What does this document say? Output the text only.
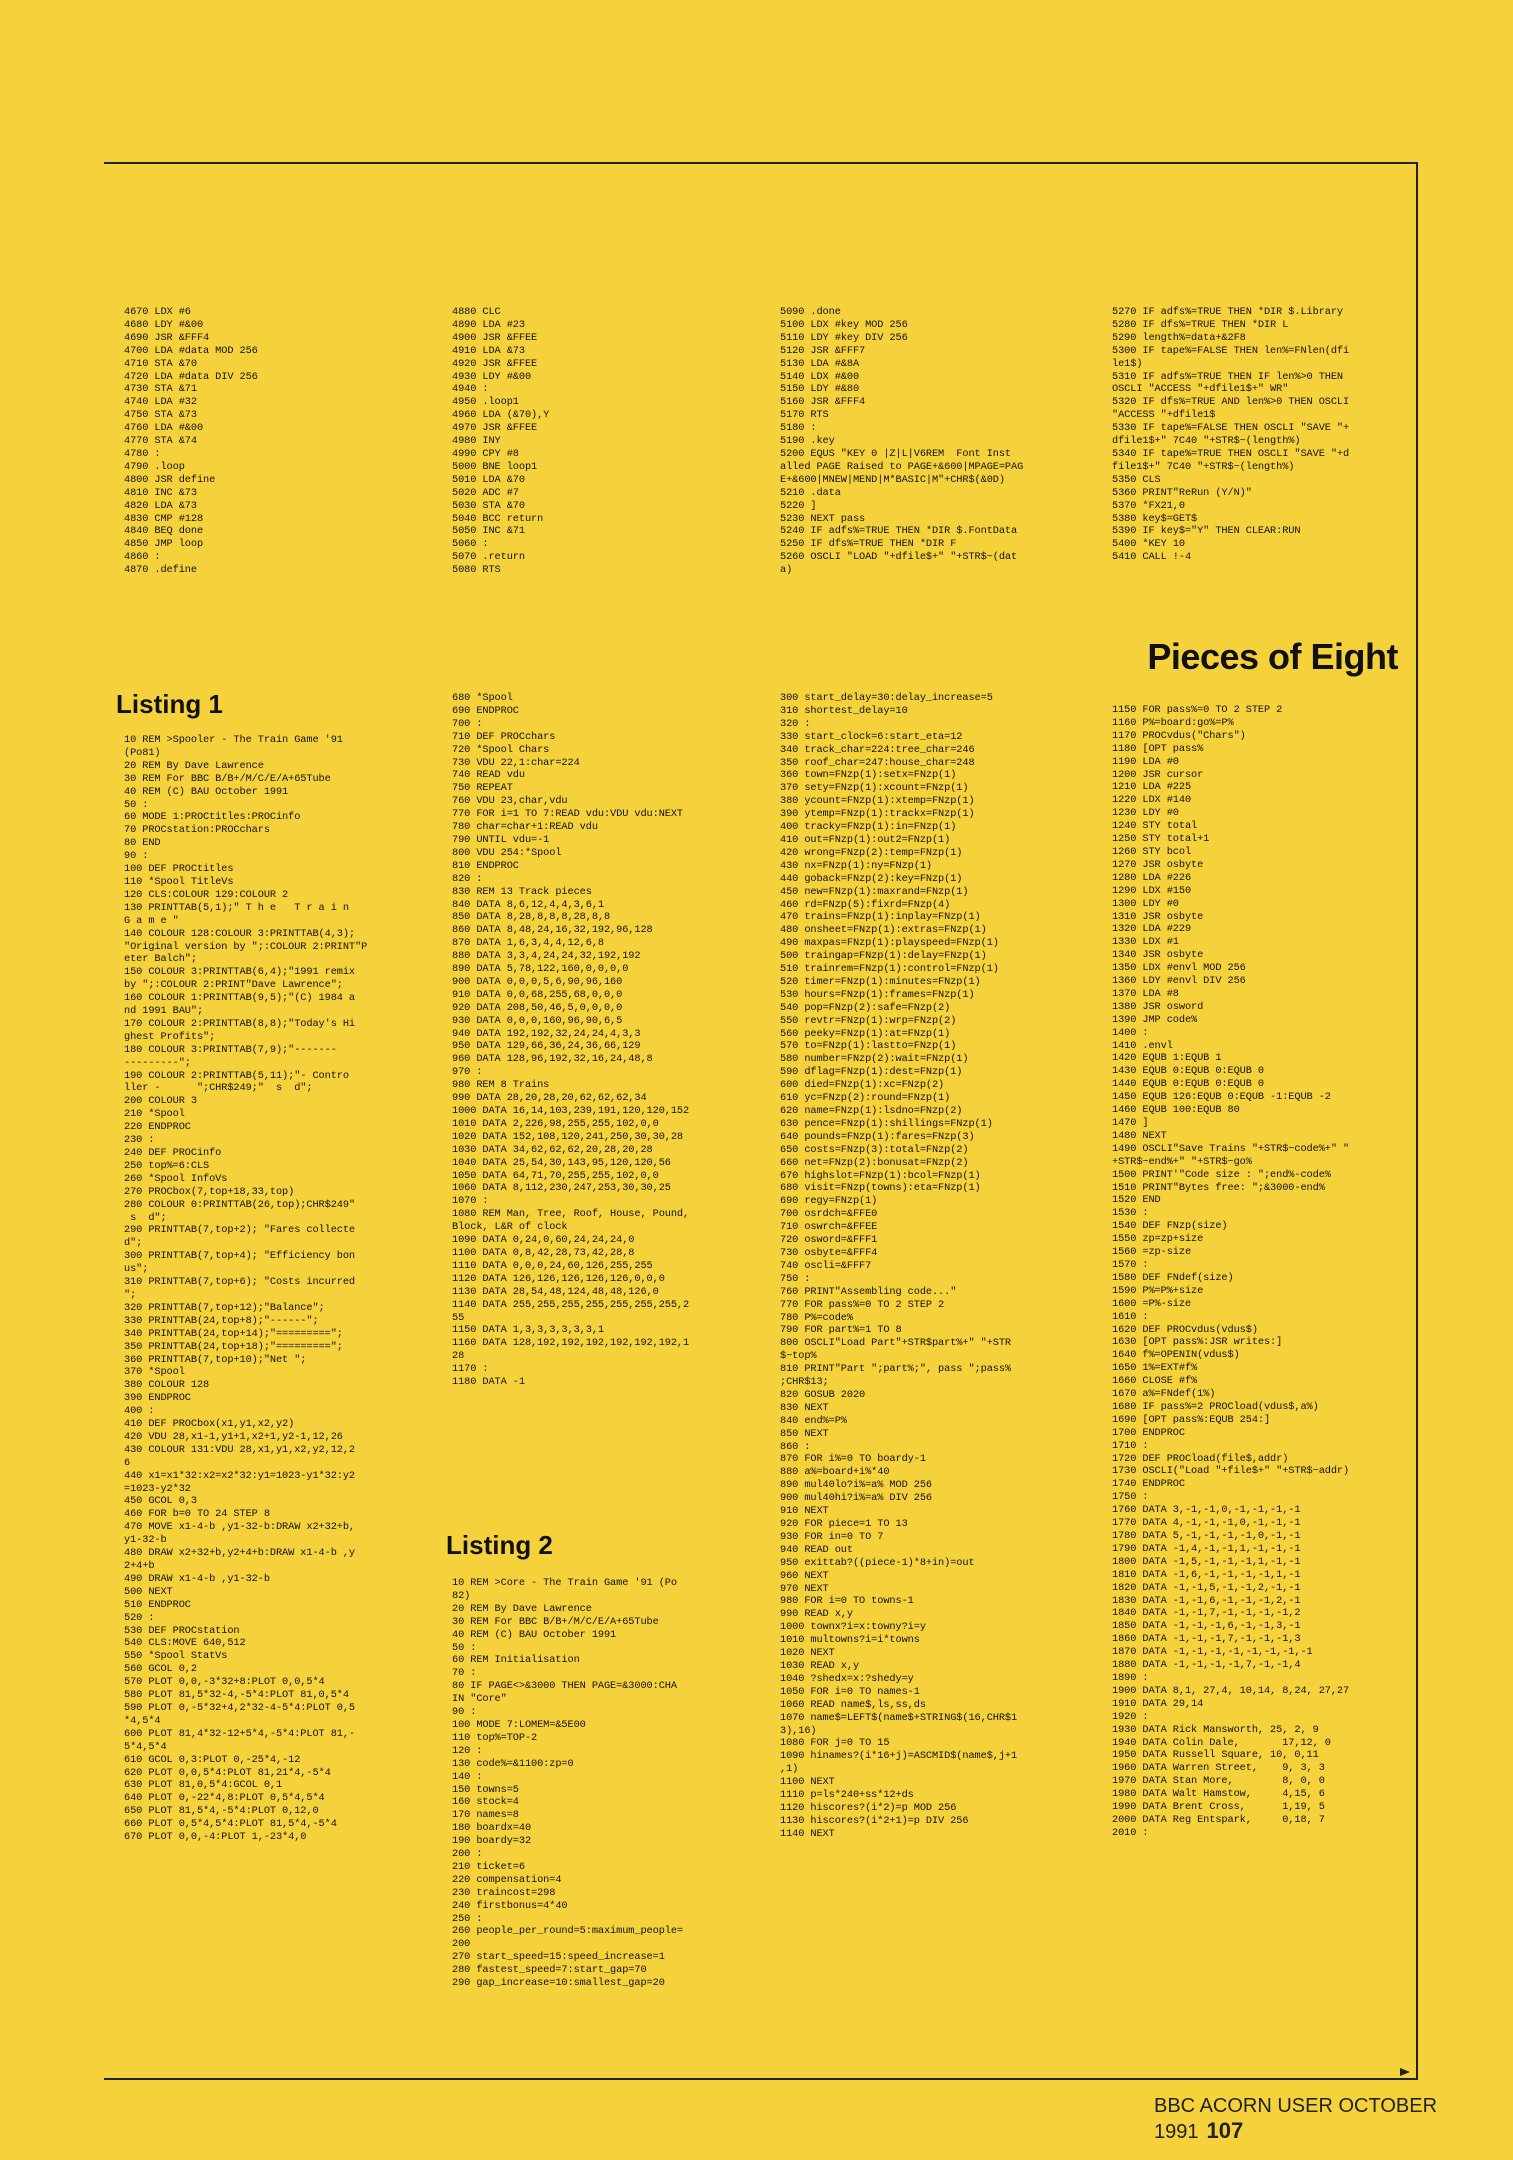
4670 LDX #6
4680 LDY #&00
4690 JSR &FFF4
4700 LDA #data MOD 256
4710 STA &70
4720 LDA #data DIV 256
4730 STA &71
4740 LDA #32
4750 STA &73
4760 LDA #&00
4770 STA &74
4780 :
4790 .loop
4800 JSR define
4810 INC &73
4820 LDA &73
4830 CMP #128
4840 BEQ done
4850 JMP loop
4860 :
4870 .define
4880 CLC
4890 LDA #23
4900 JSR &FFEE
4910 LDA &73
4920 JSR &FFEE
4930 LDY #&00
4940 :
4950 .loop1
4960 LDA (&70),Y
4970 JSR &FFEE
4980 INY
4990 CPY #8
5000 BNE loop1
5010 LDA &70
5020 ADC #7
5030 STA &70
5040 BCC return
5050 INC &71
5060 :
5070 .return
5080 RTS
5090 .done
5100 LDX #key MOD 256
5110 LDY #key DIV 256
5120 JSR &FFF7
5130 LDA #&8A
5140 LDX #&00
5150 LDY #&80
5160 JSR &FFF4
5170 RTS
5180 :
5190 .key
5200 EQUS "KEY 0 |Z|L|V6REM  Font Inst
alled PAGE Raised to PAGE+&600|MPAGE=PAG
E+&600|MNEW|MEND|M*BASIC|M"+CHR$(&0D)
5210 .data
5220 ]
5230 NEXT pass
5240 IF adfs%=TRUE THEN *DIR $.FontData
5250 IF dfs%=TRUE THEN *DIR F
5260 OSCLI "LOAD "+dfile$+" "+STR$~(dat
a)
5270 IF adfs%=TRUE THEN *DIR $.Library
5280 IF dfs%=TRUE THEN *DIR L
5290 length%=data+&2F8
5300 IF tape%=FALSE THEN len%=FNlen(dfi
le1$)
5310 IF adfs%=TRUE THEN IF len%>0 THEN
OSCLI "ACCESS "+dfile1$+" WR"
5320 IF dfs%=TRUE AND len%>0 THEN OSCLI
"ACCESS "+dfile1$
5330 IF tape%=FALSE THEN OSCLI "SAVE "+
dfile1$+" 7C40 "+STR$~(length%)
5340 IF tape%=TRUE THEN OSCLI "SAVE "+d
file1$+" 7C40 "+STR$~(length%)
5350 CLS
5360 PRINT"ReRun (Y/N)"
5370 *FX21,0
5380 key$=GET$
5390 IF key$="Y" THEN CLEAR:RUN
5400 *KEY 10
5410 CALL !-4
Pieces of Eight
Listing 1
10 REM >Spooler - The Train Game '91
(Po81)
20 REM By Dave Lawrence
30 REM For BBC B/B+/M/C/E/A+65Tube
40 REM (C) BAU October 1991
50 :
60 MODE 1:PROCtitles:PROCinfo
70 PROCstation:PROCchars
80 END
90 :
100 DEF PROCtitles
110 *Spool TitleVs
120 CLS:COLOUR 129:COLOUR 2
130 PRINTTAB(5,1);" T h e   T r a i n
G a m e "
140 COLOUR 128:COLOUR 3:PRINTTAB(4,3);
"Original version by ";:COLOUR 2:PRINT"P
eter Balch";
150 COLOUR 3:PRINTTAB(6,4);"1991 remix
by ";:COLOUR 2:PRINT"Dave Lawrence";
160 COLOUR 1:PRINTTAB(9,5);"(C) 1984 a
nd 1991 BAU";
170 COLOUR 2:PRINTTAB(8,8);"Today's Hi
ghest Profits";
180 COLOUR 3:PRINTTAB(7,9);"-------
---------";
190 COLOUR 2:PRINTTAB(5,11);"- Contro
ller -      ";CHR$249;"  s  d";
200 COLOUR 3
210 *Spool
220 ENDPROC
230 :
240 DEF PROCinfo
250 top%=6:CLS
260 *Spool InfoVs
270 PROCbox(7,top+18,33,top)
280 COLOUR 0:PRINTTAB(26,top);CHR$249"
s  d";
290 PRINTTAB(7,top+2); "Fares collecte
d";
300 PRINTTAB(7,top+4); "Efficiency bon
us";
310 PRINTTAB(7,top+6); "Costs incurred
";
320 PRINTTAB(7,top+12);"Balance";
330 PRINTTAB(24,top+8);"------";
340 PRINTTAB(24,top+14);"=========";
350 PRINTTAB(24,top+18);"=========";
360 PRINTTAB(7,top+10);"Net ";
370 *Spool
380 COLOUR 128
390 ENDPROC
400 :
410 DEF PROCbox(x1,y1,x2,y2)
420 VDU 28,x1-1,y1+1,x2+1,y2-1,12,26
430 COLOUR 131:VDU 28,x1,y1,x2,y2,12,2
6
440 x1=x1*32:x2=x2*32:y1=1023-y1*32:y2
=1023-y2*32
450 GCOL 0,3
460 FOR b=0 TO 24 STEP 8
470 MOVE x1-4-b ,y1-32-b:DRAW x2+32+b,
y1-32-b
480 DRAW x2+32+b,y2+4+b:DRAW x1-4-b ,y
2+4+b
490 DRAW x1-4-b ,y1-32-b
500 NEXT
510 ENDPROC
520 :
530 DEF PROCstation
540 CLS:MOVE 640,512
550 *Spool StatVs
560 GCOL 0,2
570 PLOT 0,0,-3*32+8:PLOT 0,0,5*4
580 PLOT 81,5*32-4,-5*4:PLOT 81,0,5*4
590 PLOT 0,-5*32+4,2*32-4-5*4:PLOT 0,5
*4,5*4
600 PLOT 81,4*32-12+5*4,-5*4:PLOT 81,-
5*4,5*4
610 GCOL 0,3:PLOT 0,-25*4,-12
620 PLOT 0,0,5*4:PLOT 81,21*4,-5*4
630 PLOT 81,0,5*4:GCOL 0,1
640 PLOT 0,-22*4,8:PLOT 0,5*4,5*4
650 PLOT 81,5*4,-5*4:PLOT 0,12,0
660 PLOT 0,5*4,5*4:PLOT 81,5*4,-5*4
670 PLOT 0,0,-4:PLOT 1,-23*4,0
680 *Spool
690 ENDPROC
700 :
710 DEF PROCchars
720 *Spool Chars
730 VDU 22,1:char=224
740 READ vdu
750 REPEAT
760 VDU 23,char,vdu
770 FOR i=1 TO 7:READ vdu:VDU vdu:NEXT
780 char=char+1:READ vdu
790 UNTIL vdu=-1
800 VDU 254:*Spool
810 ENDPROC
820 :
830 REM 13 Track pieces
840 DATA 8,6,12,4,4,3,6,1
850 DATA 8,28,8,8,8,28,8,8
860 DATA 8,48,24,16,32,192,96,128
870 DATA 1,6,3,4,4,12,6,8
880 DATA 3,3,4,24,24,32,192,192
890 DATA 5,78,122,160,0,0,0,0
900 DATA 0,0,0,5,6,90,96,160
910 DATA 0,0,68,255,68,0,0,0
920 DATA 208,50,46,5,0,0,0,0
930 DATA 0,0,0,160,96,90,6,5
940 DATA 192,192,32,24,24,4,3,3
950 DATA 129,66,36,24,36,66,129
960 DATA 128,96,192,32,16,24,48,8
970 :
980 REM 8 Trains
990 DATA 28,20,28,20,62,62,62,34
1000 DATA 16,14,103,239,191,120,120,152
1010 DATA 2,226,98,255,255,102,0,0
1020 DATA 152,108,120,241,250,30,30,28
1030 DATA 34,62,62,62,20,28,20,28
1040 DATA 25,54,30,143,95,120,120,56
1050 DATA 64,71,70,255,255,102,0,0
1060 DATA 8,112,230,247,253,30,30,25
1070 :
1080 REM Man, Tree, Roof, House, Pound,
Block, L&R of clock
1090 DATA 0,24,0,60,24,24,24,0
1100 DATA 0,8,42,28,73,42,28,8
1110 DATA 0,0,0,24,60,126,255,255
1120 DATA 126,126,126,126,126,0,0,0
1130 DATA 28,54,48,124,48,48,126,0
1140 DATA 255,255,255,255,255,255,255,2
55
1150 DATA 1,3,3,3,3,3,3,1
1160 DATA 128,192,192,192,192,192,192,1
28
1170 :
1180 DATA -1
Listing 2
10 REM >Core - The Train Game '91 (Po
82)
20 REM By Dave Lawrence
30 REM For BBC B/B+/M/C/E/A+65Tube
40 REM (C) BAU October 1991
50 :
60 REM Initialisation
70 :
80 IF PAGE<>&3000 THEN PAGE=&3000:CHA
IN "Core"
90 :
100 MODE 7:LOMEM=&5E00
110 top%=TOP-2
120 :
130 code%=&1100:zp=0
140 :
150 towns=5
160 stock=4
170 names=8
180 boardx=40
190 boardy=32
200 :
210 ticket=6
220 compensation=4
230 traincost=298
240 firstbonus=4*40
250 :
260 people_per_round=5:maximum_people=
200
270 start_speed=15:speed_increase=1
280 fastest_speed=7:start_gap=70
290 gap_increase=10:smallest_gap=20
300 start_delay=30:delay_increase=5
310 shortest_delay=10
320 :
330 start_clock=6:start_eta=12
340 track_char=224:tree_char=246
350 roof_char=247:house_char=248
360 town=FNzp(1):setx=FNzp(1)
370 sety=FNzp(1):xcount=FNzp(1)
380 ycount=FNzp(1):xtemp=FNzp(1)
390 ytemp=FNzp(1):trackx=FNzp(1)
400 tracky=FNzp(1):in=FNzp(1)
410 out=FNzp(1):out2=FNzp(1)
420 wrong=FNzp(2):temp=FNzp(1)
430 nx=FNzp(1):ny=FNzp(1)
440 goback=FNzp(2):key=FNzp(1)
450 new=FNzp(1):maxrand=FNzp(1)
460 rd=FNzp(5):fixrd=FNzp(4)
470 trains=FNzp(1):inplay=FNzp(1)
480 onsheet=FNzp(1):extras=FNzp(1)
490 maxpas=FNzp(1):playspeed=FNzp(1)
500 traingap=FNzp(1):delay=FNzp(1)
510 trainrem=FNzp(1):control=FNzp(1)
520 timer=FNzp(1):minutes=FNzp(1)
530 hours=FNzp(1):frames=FNzp(1)
540 pop=FNzp(2):safe=FNzp(2)
550 revtr=FNzp(1):wrp=FNzp(2)
560 peeky=FNzp(1):at=FNzp(1)
570 to=FNzp(1):lastto=FNzp(1)
580 number=FNzp(2):wait=FNzp(1)
590 dflag=FNzp(1):dest=FNzp(1)
600 died=FNzp(1):xc=FNzp(2)
610 yc=FNzp(2):round=FNzp(1)
620 name=FNzp(1):lsdno=FNzp(2)
630 pence=FNzp(1):shillings=FNzp(1)
640 pounds=FNzp(1):fares=FNzp(3)
650 costs=FNzp(3):total=FNzp(2)
660 net=FNzp(2):bonusat=FNzp(2)
670 highslot=FNzp(1):bcol=FNzp(1)
680 visit=FNzp(towns):eta=FNzp(1)
690 regy=FNzp(1)
700 osrdch=&FFE0
710 oswrch=&FFEE
720 osword=&FFF1
730 osbyte=&FFF4
740 oscli=&FFF7
750 :
760 PRINT"Assembling code..."
770 FOR pass%=0 TO 2 STEP 2
780 P%=code%
790 FOR part%=1 TO 8
800 OSCLI"Load Part"+STR$part%+" "+STR
$~top%
810 PRINT"Part ";part%;", pass ";pass%
;CHR$13;
820 GOSUB 2020
830 NEXT
840 end%=P%
850 NEXT
860 :
870 FOR i%=0 TO boardy-1
880 a%=board+i%*40
890 mul40lo?i%=a% MOD 256
900 mul40hi?i%=a% DIV 256
910 NEXT
920 FOR piece=1 TO 13
930 FOR in=0 TO 7
940 READ out
950 exittab?((piece-1)*8+in)=out
960 NEXT
970 NEXT
980 FOR i=0 TO towns-1
990 READ x,y
1000 townx?i=x:towny?i=y
1010 multowns?i=i*towns
1020 NEXT
1030 READ x,y
1040 ?shedx=x:?shedy=y
1050 FOR i=0 TO names-1
1060 READ name$,ls,ss,ds
1070 name$=LEFT$(name$+STRING$(16,CHR$1
3),16)
1080 FOR j=0 TO 15
1090 hinames?(i*16+j)=ASCMID$(name$,j+1
,1)
1100 NEXT
1110 p=ls*240+ss*12+ds
1120 hiscores?(i*2)=p MOD 256
1130 hiscores?(i*2+1)=p DIV 256
1140 NEXT
1150 FOR pass%=0 TO 2 STEP 2
1160 P%=board:go%=P%
1170 PROCvdus("Chars")
1180 [OPT pass%
1190 LDA #0
1200 JSR cursor
1210 LDA #225
1220 LDX #140
1230 LDY #0
1240 STY total
1250 STY total+1
1260 STY bcol
1270 JSR osbyte
1280 LDA #226
1290 LDX #150
1300 LDY #0
1310 JSR osbyte
1320 LDA #229
1330 LDX #1
1340 JSR osbyte
1350 LDX #envl MOD 256
1360 LDY #envl DIV 256
1370 LDA #8
1380 JSR osword
1390 JMP code%
1400 :
1410 .envl
1420 EQUB 1:EQUB 1
1430 EQUB 0:EQUB 0:EQUB 0
1440 EQUB 0:EQUB 0:EQUB 0
1450 EQUB 126:EQUB 0:EQUB -1:EQUB -2
1460 EQUB 100:EQUB 80
1470 ]
1480 NEXT
1490 OSCLI"Save Trains "+STR$~code%+" "
+STR$~end%+" "+STR$~go%
1500 PRINT'"Code size : ";end%-code%
1510 PRINT"Bytes free: ";&3000-end%
1520 END
1530 :
1540 DEF FNzp(size)
1550 zp=zp+size
1560 =zp-size
1570 :
1580 DEF FNdef(size)
1590 P%=P%+size
1600 =P%-size
1610 :
1620 DEF PROCvdus(vdus$)
1630 [OPT pass%:JSR writes:]
1640 f%=OPENIN(vdus$)
1650 1%=EXT#f%
1660 CLOSE #f%
1670 a%=FNdef(1%)
1680 IF pass%=2 PROCload(vdus$,a%)
1690 [OPT pass%:EQUB 254:]
1700 ENDPROC
1710 :
1720 DEF PROCload(file$,addr)
1730 OSCLI("Load "+file$+" "+STR$~addr)
1740 ENDPROC
1750 :
1760 DATA 3,-1,-1,0,-1,-1,-1,-1
1770 DATA 4,-1,-1,-1,0,-1,-1,-1
1780 DATA 5,-1,-1,-1,-1,0,-1,-1
1790 DATA -1,4,-1,-1,1,-1,-1,-1
1800 DATA -1,5,-1,-1,-1,1,-1,-1
1810 DATA -1,6,-1,-1,-1,-1,1,-1
1820 DATA -1,-1,5,-1,-1,2,-1,-1
1830 DATA -1,-1,6,-1,-1,-1,2,-1
1840 DATA -1,-1,7,-1,-1,-1,-1,2
1850 DATA -1,-1,-1,6,-1,-1,3,-1
1860 DATA -1,-1,-1,7,-1,-1,-1,3
1870 DATA -1,-1,-1,-1,-1,-1,-1,-1
1880 DATA -1,-1,-1,-1,7,-1,-1,4
1890 :
1900 DATA 8,1, 27,4, 10,14, 8,24, 27,27
1910 DATA 29,14
1920 :
1930 DATA Rick Mansworth, 25, 2, 9
1940 DATA Colin Dale,       17,12, 0
1950 DATA Russell Square, 10, 0,11
1960 DATA Warren Street,    9, 3, 3
1970 DATA Stan More,        8, 0, 0
1980 DATA Walt Hamstow,     4,15, 6
1990 DATA Brent Cross,      1,19, 5
2000 DATA Reg Entspark,     0,18, 7
2010 :
BBC ACORN USER OCTOBER 1991 107
